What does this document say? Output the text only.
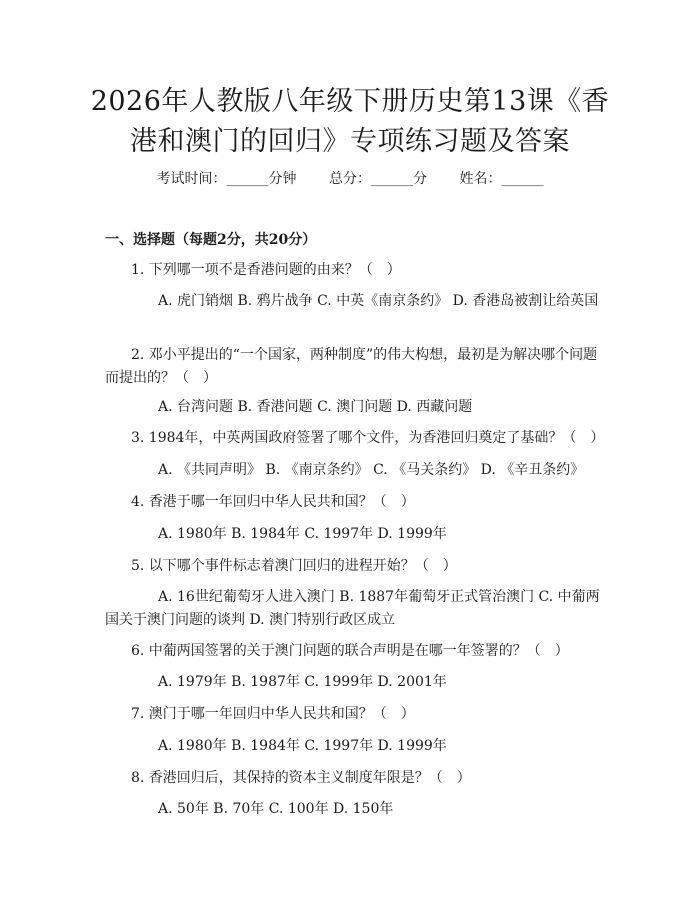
2026年人教版八年级下册历史第13课《香港和澳门的回归》专项练习题及答案
考试时间：______分钟 总分：______分 姓名：______
一、选择题（每题2分，共20分）
1. 下列哪一项不是香港问题的由来？（　）
A. 虎门销烟 B. 鸦片战争 C. 中英《南京条约》 D. 香港岛被割让给英国
2. 邓小平提出的“一个国家，两种制度”的伟大构想，最初是为解决哪个问题而提出的？（　）
A. 台湾问题 B. 香港问题 C. 澳门问题 D. 西藏问题
3. 1984年，中英两国政府签署了哪个文件，为香港回归奠定了基础？（　）
A. 《共同声明》 B. 《南京条约》 C. 《马关条约》 D. 《辛丑条约》
4. 香港于哪一年回归中华人民共和国？（　）
A. 1980年 B. 1984年 C. 1997年 D. 1999年
5. 以下哪个事件标志着澳门回归的进程开始？（　）
A. 16世纪葡萄牙人进入澳门 B. 1887年葡萄牙正式管治澳门 C. 中葡两国关于澳门问题的谈判 D. 澳门特别行政区成立
6. 中葡两国签署的关于澳门问题的联合声明是在哪一年签署的？（　）
A. 1979年 B. 1987年 C. 1999年 D. 2001年
7. 澳门于哪一年回归中华人民共和国？（　）
A. 1980年 B. 1984年 C. 1997年 D. 1999年
8. 香港回归后，其保持的资本主义制度年限是？（　）
A. 50年 B. 70年 C. 100年 D. 150年
